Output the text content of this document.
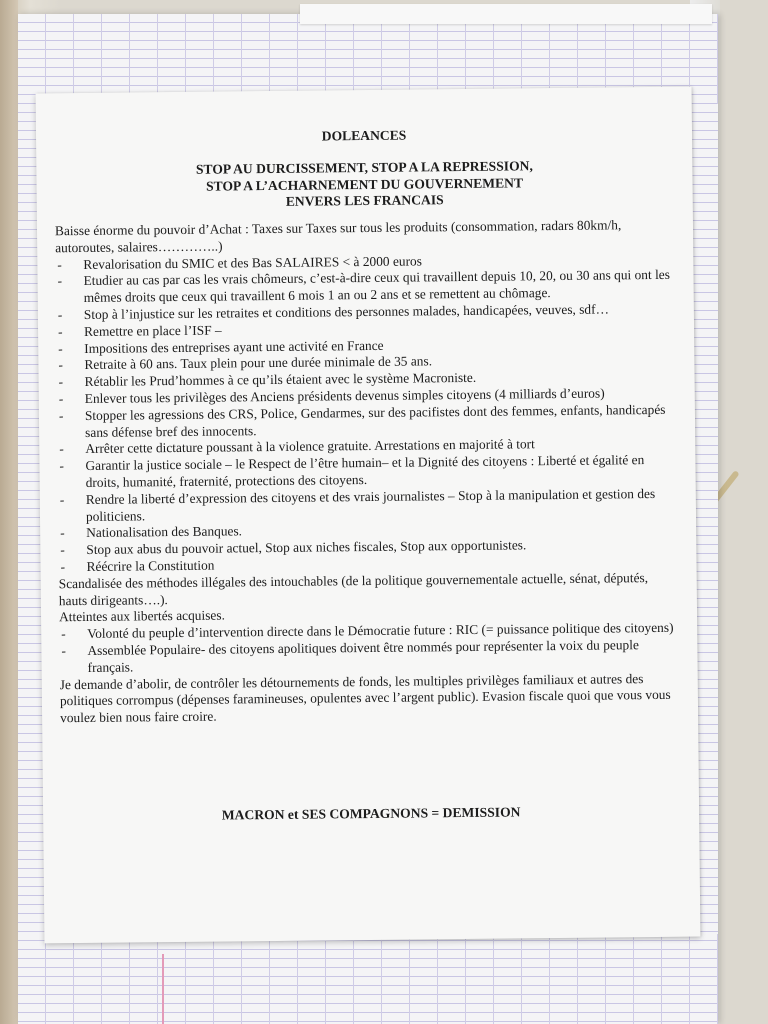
DOLEANCES
STOP AU DURCISSEMENT, STOP A LA REPRESSION,
STOP A L’ACHARNEMENT DU GOUVERNEMENT
ENVERS LES FRANCAIS

Baisse énorme du pouvoir d’Achat : Taxes sur Taxes sur tous les produits (consommation, radars 80km/h, autoroutes, salaires…………..)

- Revalorisation du SMIC et des Bas SALAIRES < à 2000 euros
- Etudier au cas par cas les vrais chômeurs, c’est-à-dire ceux qui travaillent depuis 10, 20, ou 30 ans qui ont les mêmes droits que ceux qui travaillent 6 mois 1 an ou 2 ans et se remettent au chômage.
- Stop à l’injustice sur les retraites et conditions des personnes malades, handicapées, veuves, sdf…
- Remettre en place l’ISF –
- Impositions des entreprises ayant une activité en France
- Retraite à 60 ans. Taux plein pour une durée minimale de 35 ans.
- Rétablir les Prud’hommes à ce qu’ils étaient avec le système Macroniste.
- Enlever tous les privilèges des Anciens présidents devenus simples citoyens (4 milliards d’euros)
- Stopper les agressions des CRS, Police, Gendarmes, sur des pacifistes dont des femmes, enfants, handicapés sans défense bref des innocents.
- Arrêter cette dictature poussant à la violence gratuite. Arrestations en majorité à tort
- Garantir la justice sociale – le Respect de l’être humain– et la Dignité des citoyens : Liberté et égalité en droits, humanité, fraternité, protections des citoyens.
- Rendre la liberté d’expression des citoyens et des vrais journalistes – Stop à la manipulation et gestion des politiciens.
- Nationalisation des Banques.
- Stop aux abus du pouvoir actuel, Stop aux niches fiscales, Stop aux opportunistes.
- Réécrire la Constitution

Scandalisée des méthodes illégales des intouchables (de la politique gouvernementale actuelle, sénat, députés, hauts dirigeants….).

Atteintes aux libertés acquises.

- Volonté du peuple d’intervention directe dans le Démocratie future : RIC (= puissance politique des citoyens)
- Assemblée Populaire- des citoyens apolitiques doivent être nommés pour représenter la voix du peuple français.

Je demande d’abolir, de contrôler les détournements de fonds, les multiples privilèges familiaux et autres des politiques corrompus (dépenses faramineuses, opulentes avec l’argent public). Evasion fiscale quoi que vous vous voulez bien nous faire croire.

MACRON et SES COMPAGNONS = DEMISSION
